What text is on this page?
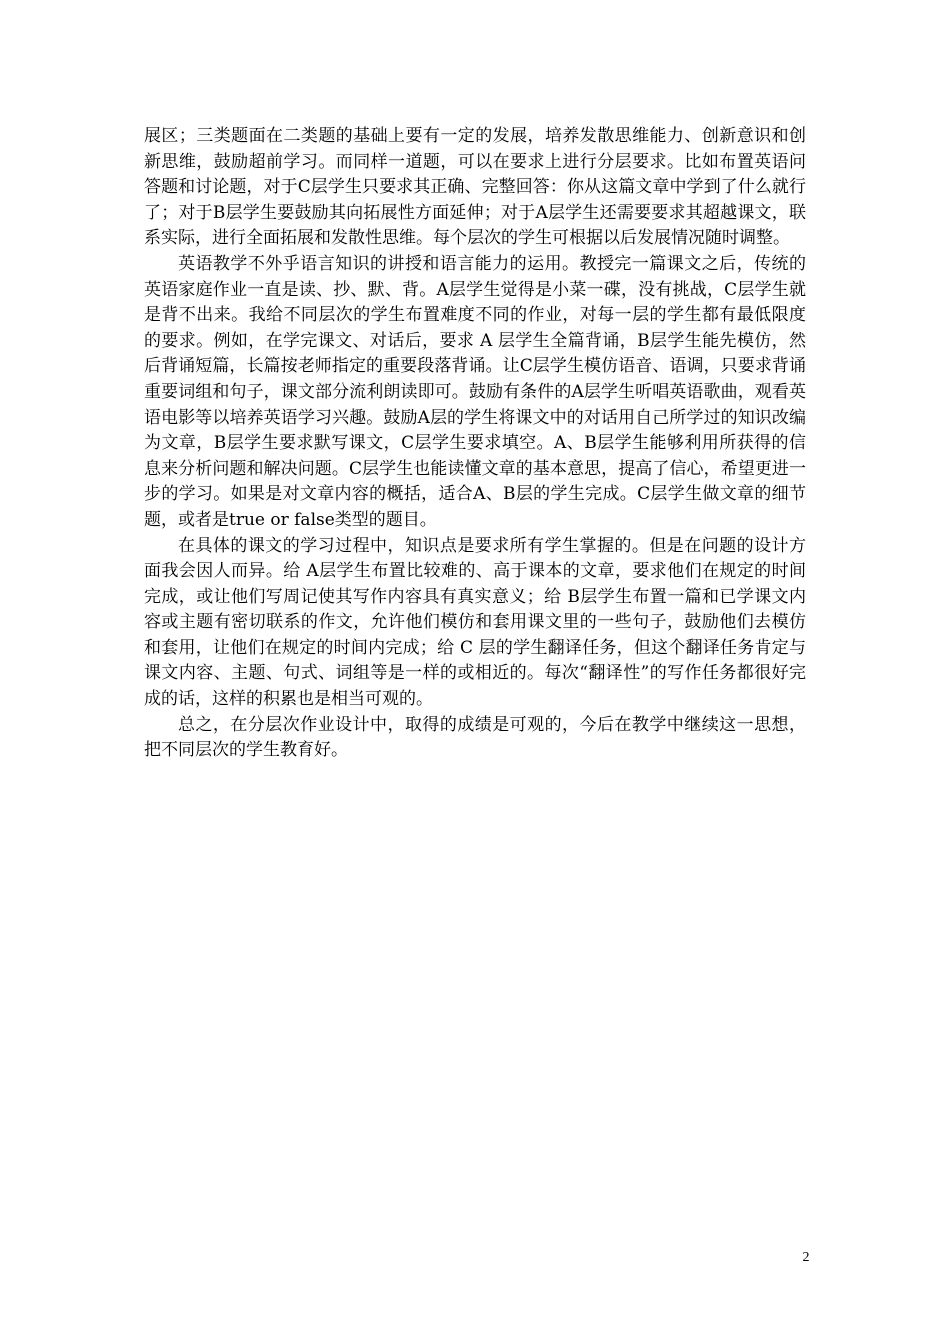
展区；三类题面在二类题的基础上要有一定的发展，培养发散思维能力、创新意识和创新思维，鼓励超前学习。而同样一道题，可以在要求上进行分层要求。比如布置英语问答题和讨论题，对于C层学生只要求其正确、完整回答：你从这篇文章中学到了什么就行了；对于B层学生要鼓励其向拓展性方面延伸；对于A层学生还需要要求其超越课文，联系实际，进行全面拓展和发散性思维。每个层次的学生可根据以后发展情况随时调整。

英语教学不外乎语言知识的讲授和语言能力的运用。教授完一篇课文之后，传统的英语家庭作业一直是读、抄、默、背。A层学生觉得是小菜一碟，没有挑战，C层学生就是背不出来。我给不同层次的学生布置难度不同的作业，对每一层的学生都有最低限度的要求。例如，在学完课文、对话后，要求 A 层学生全篇背诵，B层学生能先模仿，然后背诵短篇，长篇按老师指定的重要段落背诵。让C层学生模仿语音、语调，只要求背诵重要词组和句子，课文部分流利朗读即可。鼓励有条件的A层学生听唱英语歌曲，观看英语电影等以培养英语学习兴趣。鼓励A层的学生将课文中的对话用自己所学过的知识改编为文章，B层学生要求默写课文，C层学生要求填空。A、B层学生能够利用所获得的信息来分析问题和解决问题。C层学生也能读懂文章的基本意思，提高了信心，希望更进一步的学习。如果是对文章内容的概括，适合A、B层的学生完成。C层学生做文章的细节题，或者是true or false类型的题目。

在具体的课文的学习过程中，知识点是要求所有学生掌握的。但是在问题的设计方面我会因人而异。给 A层学生布置比较难的、高于课本的文章，要求他们在规定的时间完成，或让他们写周记使其写作内容具有真实意义；给 B层学生布置一篇和已学课文内容或主题有密切联系的作文，允许他们模仿和套用课文里的一些句子，鼓励他们去模仿和套用，让他们在规定的时间内完成；给 C 层的学生翻译任务，但这个翻译任务肯定与课文内容、主题、句式、词组等是一样的或相近的。每次“翻译性”的写作任务都很好完成的话，这样的积累也是相当可观的。

总之，在分层次作业设计中，取得的成绩是可观的，今后在教学中继续这一思想，把不同层次的学生教育好。

2
